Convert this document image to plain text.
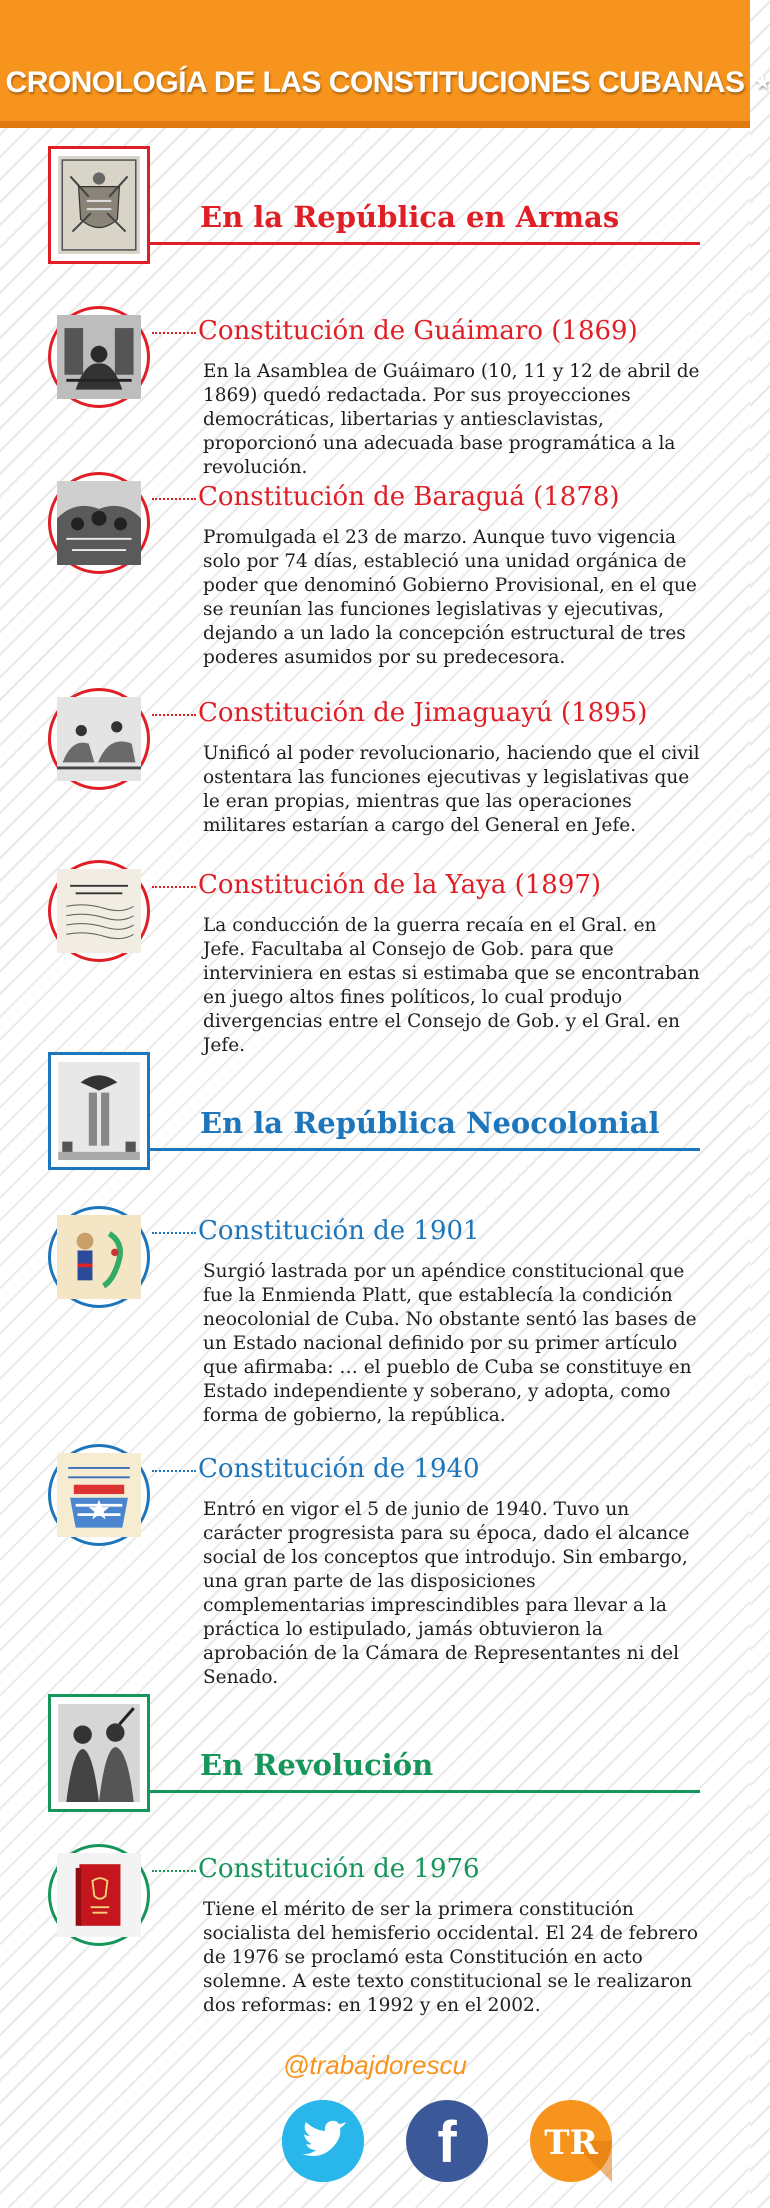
CRONOLOGÍA DE LAS CONSTITUCIONES CUBANAS ★
En la República en Armas
Constitución de Guáimaro (1869)
En la Asamblea de Guáimaro (10, 11 y 12 de abril de 1869) quedó redactada. Por sus proyecciones democráticas, libertarias y antiesclavistas, proporcionó una adecuada base programática a la revolución.
Constitución de Baraguá (1878)
Promulgada el 23 de marzo. Aunque tuvo vigencia solo por 74 días, estableció una unidad orgánica de poder que denominó Gobierno Provisional, en el que se reunían las funciones legislativas y ejecutivas, dejando a un lado la concepción estructural de tres poderes asumidos por su predecesora.
Constitución de Jimaguayú (1895)
Unificó al poder revolucionario, haciendo que el civil ostentara las funciones ejecutivas y legislativas que le eran propias, mientras que las operaciones militares estarían a cargo del General en Jefe.
Constitución de la Yaya (1897)
La conducción de la guerra recaía en el Gral. en Jefe. Facultaba al Consejo de Gob. para que interviniera en estas si estimaba que se encontraban en juego altos fines políticos, lo cual produjo divergencias entre el Consejo de Gob. y el Gral. en Jefe.
En la República Neocolonial
Constitución de 1901
Surgió lastrada por un apéndice constitucional que fue la Enmienda Platt, que establecía la condición neocolonial de Cuba. No obstante sentó las bases de un Estado nacional definido por su primer artículo que afirmaba: … el pueblo de Cuba se constituye en Estado independiente y soberano, y adopta, como forma de gobierno, la república.
Constitución de 1940
Entró en vigor el 5 de junio de 1940. Tuvo un carácter progresista para su época, dado el alcance social de los conceptos que introdujo. Sin embargo, una gran parte de las disposiciones complementarias imprescindibles para llevar a la práctica lo estipulado, jamás obtuvieron la aprobación de la Cámara de Representantes ni del Senado.
En Revolución
Constitución de 1976
Tiene el mérito de ser la primera constitución socialista del hemisferio occidental. El 24 de febrero de 1976 se proclamó esta Constitución en acto solemne. A este texto constitucional se le realizaron dos reformas: en 1992 y en el 2002.
@trabajdorescu
f	TR
